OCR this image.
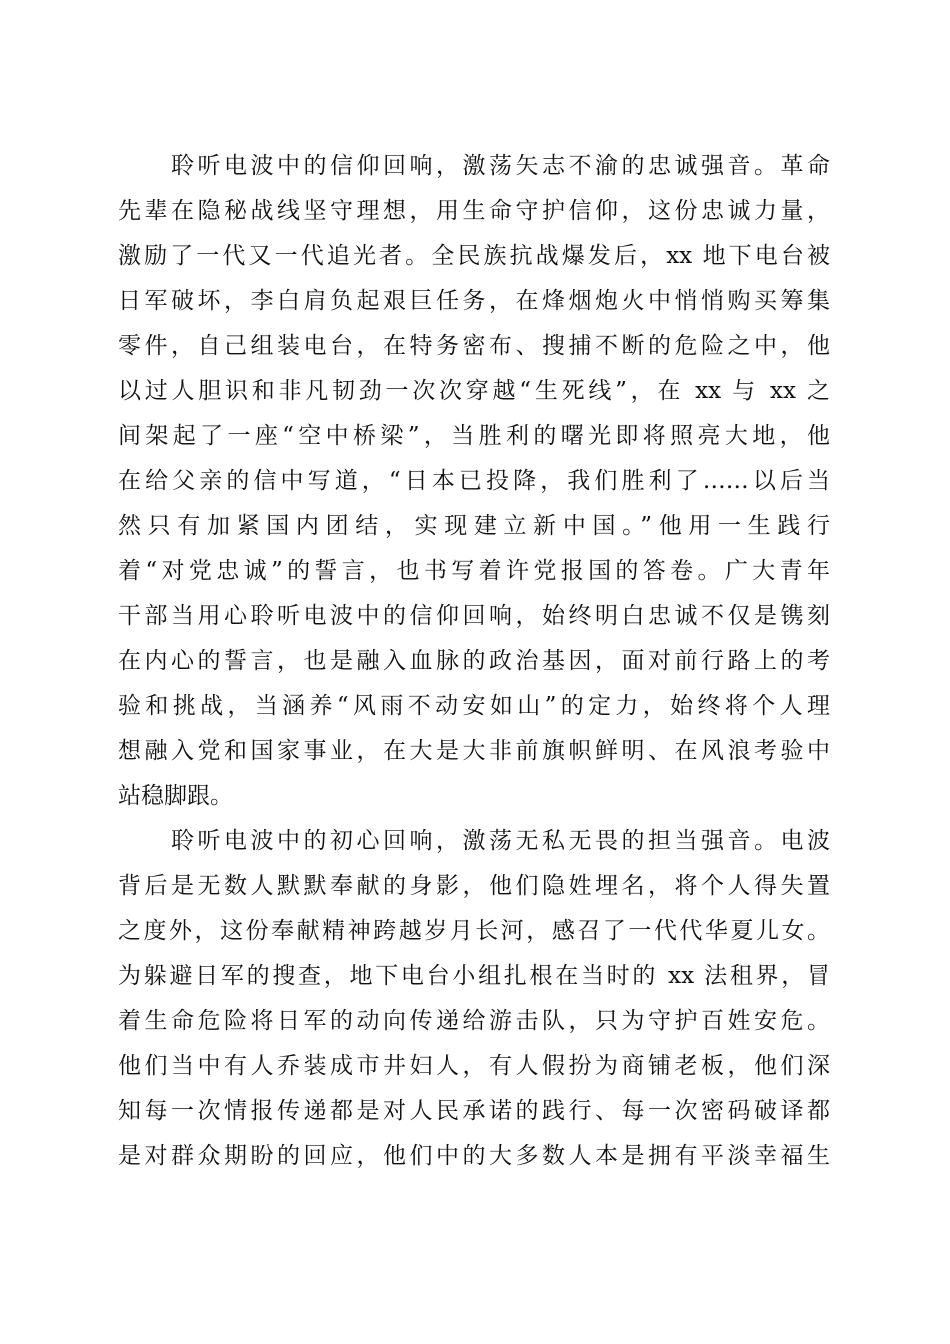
聆听电波中的信仰回响，激荡矢志不渝的忠诚强音。革命
先辈在隐秘战线坚守理想，用生命守护信仰，这份忠诚力量，
激励了一代又一代追光者。全民族抗战爆发后，xx 地下电台被
日军破坏，李白肩负起艰巨任务，在烽烟炮火中悄悄购买筹集
零件，自己组装电台，在特务密布、搜捕不断的危险之中，他
以过人胆识和非凡韧劲一次次穿越“生死线”，在 xx 与 xx 之
间架起了一座“空中桥梁”，当胜利的曙光即将照亮大地，他
在给父亲的信中写道，“日本已投降，我们胜利了……以后当
然只有加紧国内团结，实现建立新中国。”他用一生践行
着“对党忠诚”的誓言，也书写着许党报国的答卷。广大青年
干部当用心聆听电波中的信仰回响，始终明白忠诚不仅是镌刻
在内心的誓言，也是融入血脉的政治基因，面对前行路上的考
验和挑战，当涵养“风雨不动安如山”的定力，始终将个人理
想融入党和国家事业，在大是大非前旗帜鲜明、在风浪考验中
站稳脚跟。
聆听电波中的初心回响，激荡无私无畏的担当强音。电波
背后是无数人默默奉献的身影，他们隐姓埋名，将个人得失置
之度外，这份奉献精神跨越岁月长河，感召了一代代华夏儿女。
为躲避日军的搜查，地下电台小组扎根在当时的 xx 法租界，冒
着生命危险将日军的动向传递给游击队，只为守护百姓安危。
他们当中有人乔装成市井妇人，有人假扮为商铺老板，他们深
知每一次情报传递都是对人民承诺的践行、每一次密码破译都
是对群众期盼的回应，他们中的大多数人本是拥有平淡幸福生
